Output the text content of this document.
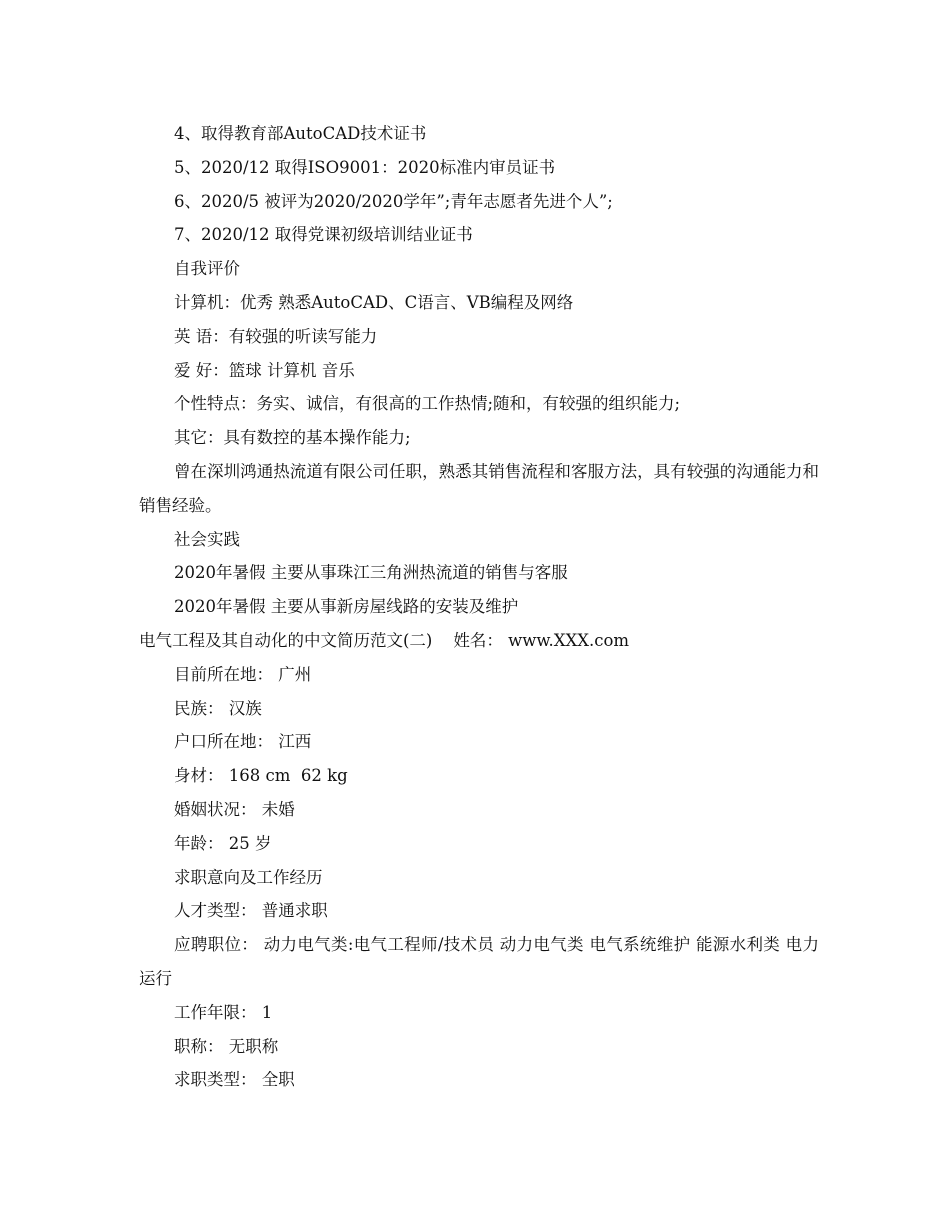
4、取得教育部AutoCAD技术证书
5、2020/12 取得ISO9001：2020标准内审员证书
6、2020/5 被评为2020/2020学年”;青年志愿者先进个人”;
7、2020/12 取得党课初级培训结业证书
自我评价
计算机：优秀 熟悉AutoCAD、C语言、VB编程及网络
英 语：有较强的听读写能力
爱 好：篮球 计算机 音乐
个性特点：务实、诚信，有很高的工作热情;随和，有较强的组织能力;
其它：具有数控的基本操作能力;
曾在深圳鸿通热流道有限公司任职，熟悉其销售流程和客服方法，具有较强的沟通能力和销售经验。
社会实践
2020年暑假 主要从事珠江三角洲热流道的销售与客服
2020年暑假 主要从事新房屋线路的安装及维护
电气工程及其自动化的中文简历范文(二)    姓名： www.XXX.com
目前所在地： 广州
民族： 汉族
户口所在地： 江西
身材： 168 cm  62 kg
婚姻状况： 未婚
年龄： 25 岁
求职意向及工作经历
人才类型： 普通求职
应聘职位： 动力电气类:电气工程师/技术员 动力电气类 电气系统维护 能源水利类 电力运行
工作年限： 1
职称： 无职称
求职类型： 全职
